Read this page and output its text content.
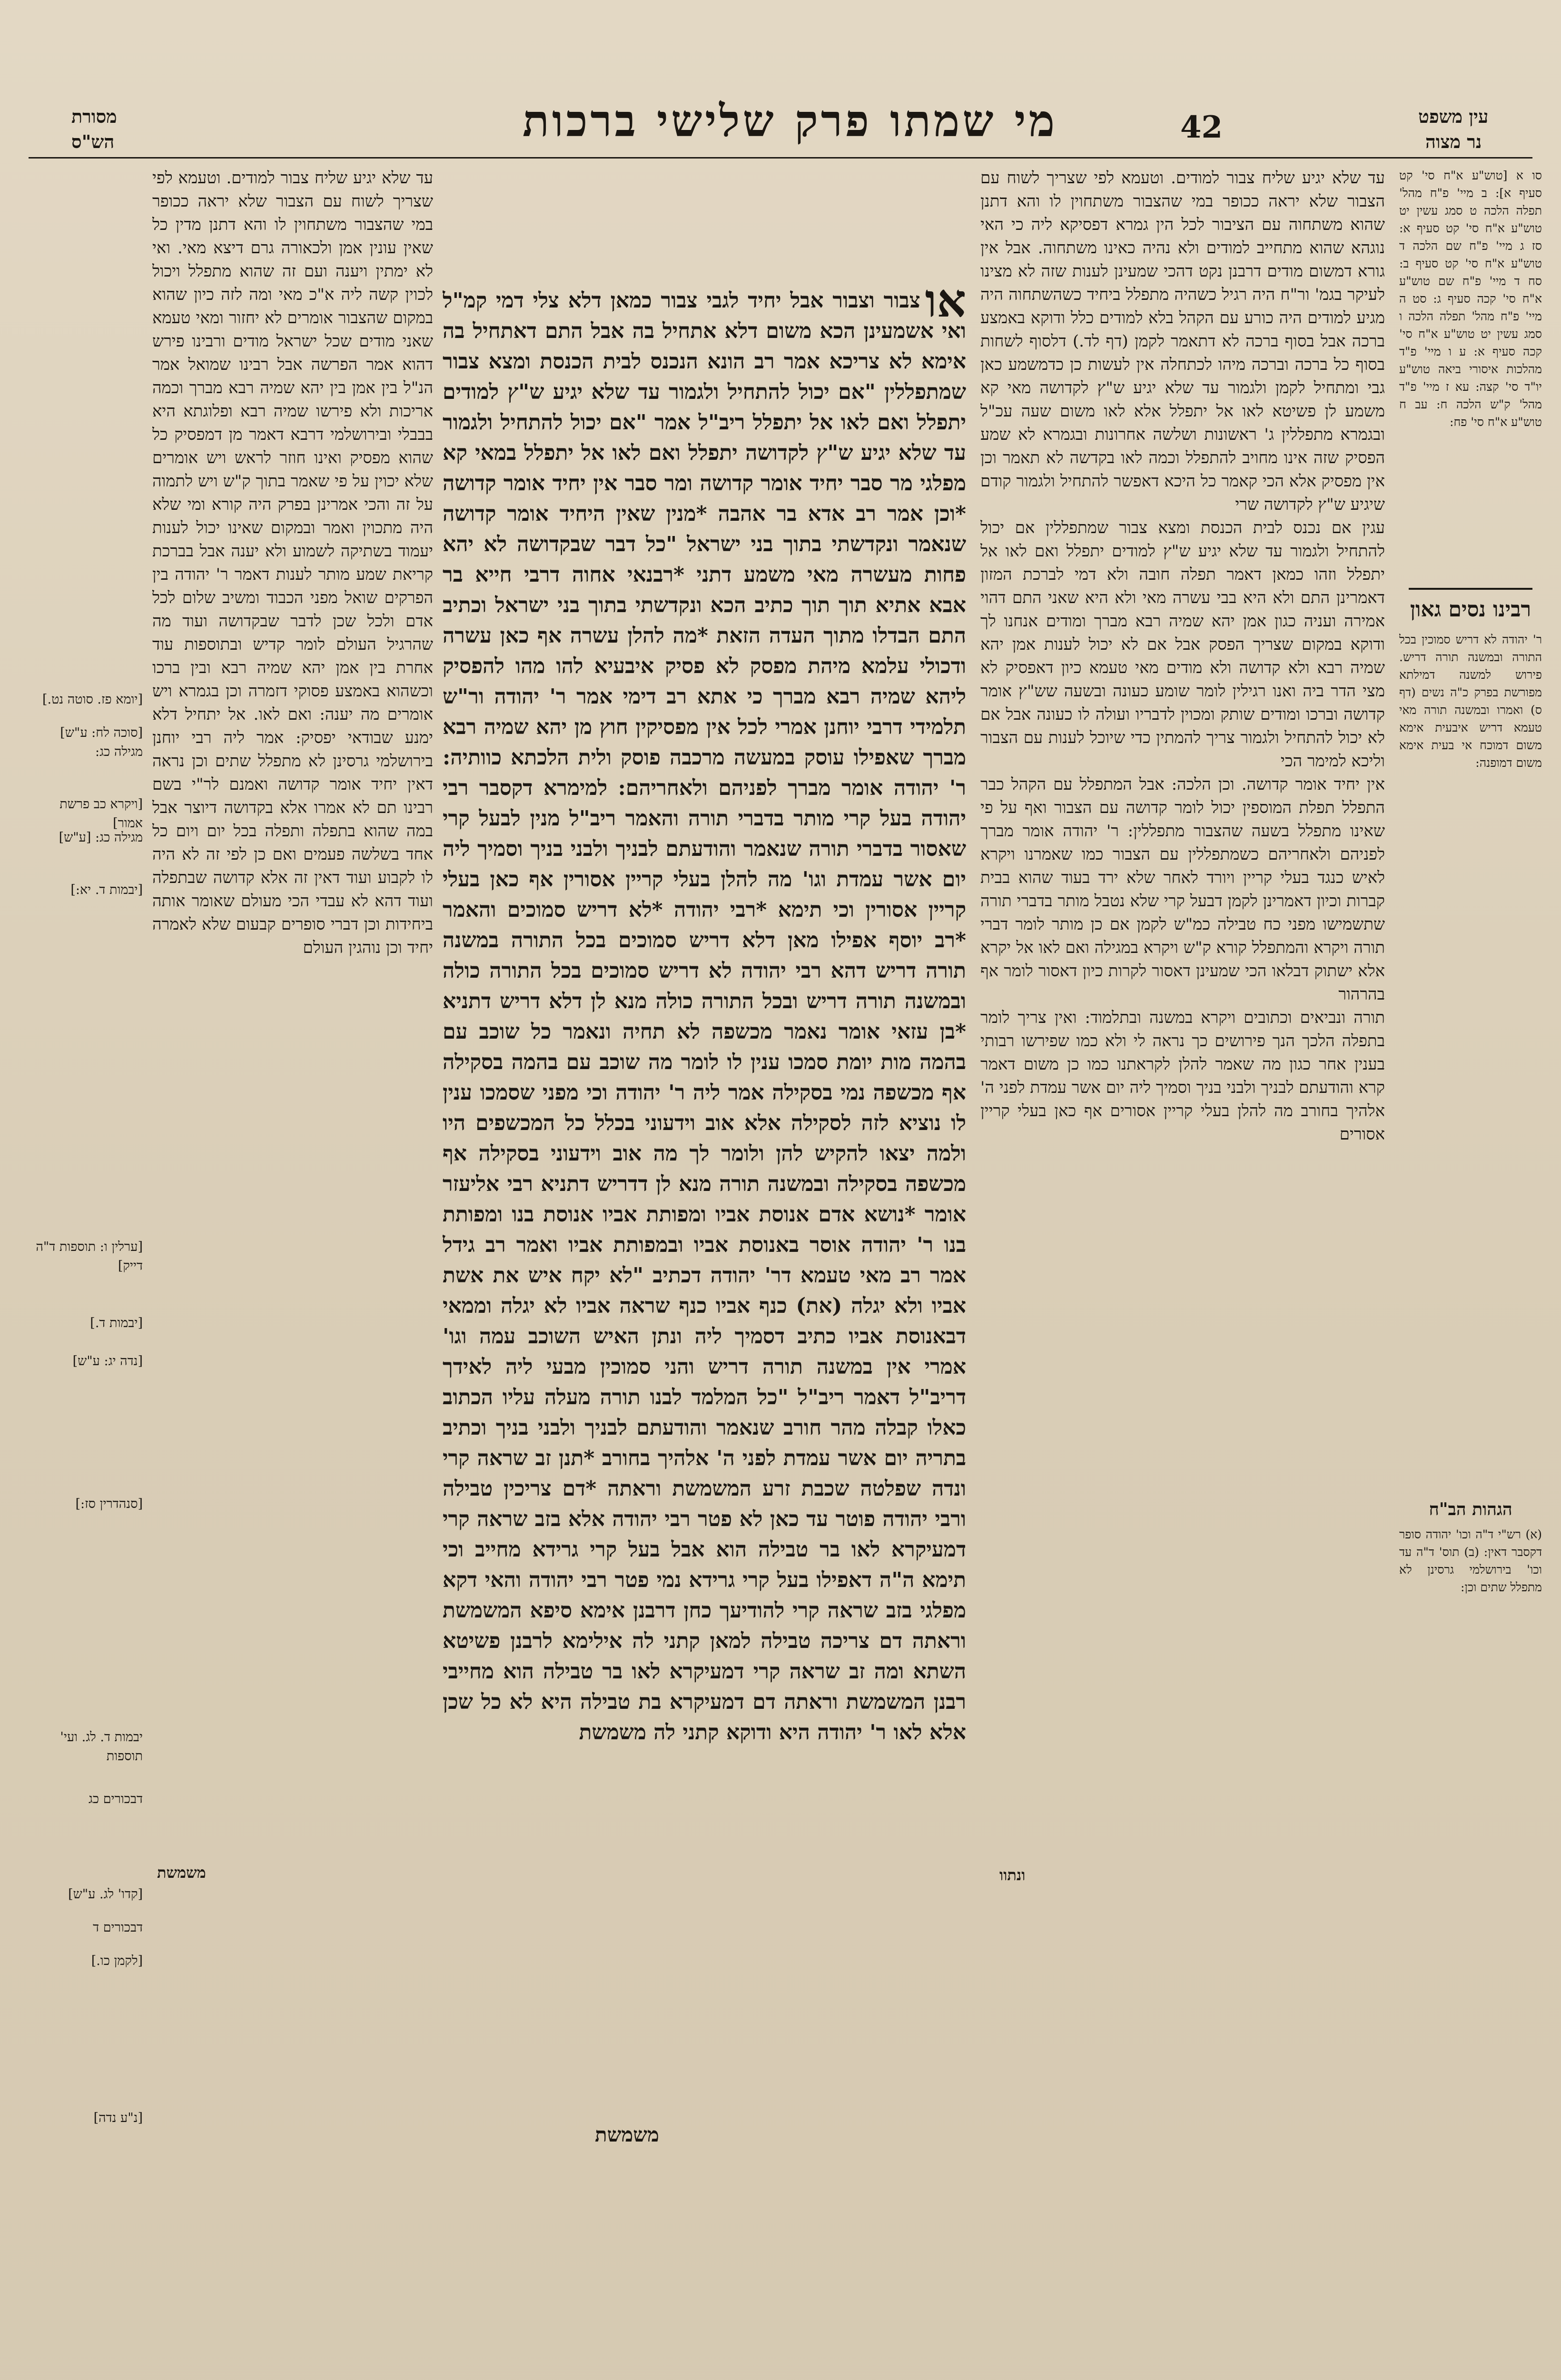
42
מי שמתו פרק שלישי ברכות	עין משפט
נר מצוה
מסורת
הש"ס

סו א [טוש"ע א"ח סי' קט סעיף א]: ב מיי' פ"ח מהל' תפלה הלכה ט סמג עשין יט טוש"ע א"ח סי' קט סעיף א: סז ג מיי' פ"ח שם הלכה ד טוש"ע א"ח סי' קט סעיף ב: סח ד מיי' פ"ח שם טוש"ע א"ח סי' קכה סעיף ג: סט ה מיי' פ"ח מהל' תפלה הלכה ו סמג עשין יט טוש"ע א"ח סי' קכה סעיף א: ע ו מיי' פ"ד מהלכות איסורי ביאה טוש"ע יו"ד סי' קצה: עא ז מיי' פ"ד מהל' ק"ש הלכה ח: עב ח טוש"ע א"ח סי' פח:

רבינו נסים גאון

ר' יהודה לא דריש סמוכין בכל התורה ובמשנה תורה דריש. פירוש למשנה דמילתא מפורשת בפרק כ"ה נשים (דף ס) ואמרו ובמשנה תורה מאי טעמא דריש איבעית אימא משום דמוכח אי בעית אימא משום דמופנה:

הגהות הב"ח

(א) רש"י ד"ה וכו' יהודה סופר דקסבר דאין: (ב) תוס' ד"ה עד וכו' בירושלמי גרסינן לא מתפלל שתים וכן:

עד שלא יגיע שליח צבור למודים. וטעמא לפי שצריך לשוח עם הצבור שלא יראה ככופר במי שהצבור משתחוין לו והא דתנן שהוא משתחוה עם הציבור לכל הין גמרא דפסיקא ליה כי האי נוגהא שהוא מתחייב למודים ולא נהיה כאינו משתחוה. אבל אין גורא דמשום מודים דרבנן נקט דהכי שמעינן לענות שזה לא מצינו לעיקר בגמ' ור"ח היה רגיל כשהיה מתפלל ביחיד כשהשתחוה היה מגיע למודים היה כורע עם הקהל בלא למודים כלל ודוקא באמצע ברכה אבל בסוף ברכה לא דתאמר לקמן (דף לד.) דלסוף לשחות בסוף כל ברכה וברכה מיהו לכתחלה אין לעשות כן כדמשמע כאן גבי ומתחיל לקמן ולגמור עד שלא יגיע ש"ץ לקדושה מאי קא משמע לן פשיטא לאו אל יתפלל אלא לאו משום שעה עכ"ל ובגמרא מתפללין ג' ראשונות ושלשה אחרונות ובגמרא לא שמע הפסיק שזה אינו מחויב להתפלל וכמה לאו בקדשה לא תאמר וכן אין מפסיק אלא הכי קאמר כל היכא דאפשר להתחיל ולגמור קודם שיגיע ש"ץ לקדושה שרי

עגין אם נכנס לבית הכנסת ומצא צבור שמתפללין אם יכול להתחיל ולגמור עד שלא יגיע ש"ץ למודים יתפלל ואם לאו אל יתפלל וזהו כמאן דאמר תפלה חובה ולא דמי לברכת המזון דאמרינן התם ולא היא בבי עשרה מאי ולא היא שאני התם דהוי אמירה ועניה כגון אמן יהא שמיה רבא מברך ומודים אנחנו לך ודוקא במקום שצריך הפסק אבל אם לא יכול לענות אמן יהא שמיה רבא ולא קדושה ולא מודים מאי טעמא כיון דאפסיק לא מצי הדר ביה ואנו רגילין לומר שומע כעונה ובשעה שש"ץ אומר קדושה וברכו ומודים שותק ומכוין לדבריו ועולה לו כעונה אבל אם לא יכול להתחיל ולגמור צריך להמתין כדי שיוכל לענות עם הצבור וליכא למימר הכי

אין יחיד אומר קדושה. וכן הלכה: אבל המתפלל עם הקהל כבר התפלל תפלת המוספין יכול לומר קדושה עם הצבור ואף על פי שאינו מתפלל בשעה שהצבור מתפללין: ר' יהודה אומר מברך לפניהם ולאחריהם כשמתפללין עם הצבור כמו שאמרנו ויקרא לאיש כנגד בעלי קריין ויורד לאחר שלא ירד בעוד שהוא בבית קברות וכיון דאמרינן לקמן דבעל קרי שלא נטבל מותר בדברי תורה שתשמישו מפני כח טבילה כמ"ש לקמן אם כן מותר לומר דברי תורה ויקרא והמתפלל קורא ק"ש ויקרא במגילה ואם לאו אל יקרא אלא ישתוק דבלאו הכי שמעינן דאסור לקרות כיון דאסור לומר אף בהרהור

תורה ונביאים וכתובים ויקרא במשנה ובתלמוד: ואין צריך לומר בתפלה הלכך הנך פירושים כך נראה לי ולא כמו שפירשו רבותי בענין אחר כגון מה שאמר להלן לקראתנו כמו כן משום דאמר קרא והודעתם לבניך ולבני בניך וסמיך ליה יום אשר עמדת לפני ה' אלהיך בחורב מה להלן בעלי קריין אסורים אף כאן בעלי קריין אסורים

או
צבור וצבור אבל יחיד לגבי צבור כמאן דלא צלי דמי קמ"ל ואי אשמעינן הכא משום דלא אתחיל בה אבל התם דאתחיל בה אימא לא צריכא אמר רב הונא הנכנס לבית הכנסת ומצא צבור שמתפללין "אם יכול להתחיל ולגמור עד שלא יגיע ש"ץ למודים יתפלל ואם לאו אל יתפלל ריב"ל אמר "אם יכול להתחיל ולגמור עד שלא יגיע ש"ץ לקדושה יתפלל ואם לאו אל יתפלל במאי קא מפלגי מר סבר יחיד אומר קדושה ומר סבר אין יחיד אומר קדושה *וכן אמר רב אדא בר אהבה *מנין שאין היחיד אומר קדושה שנאמר ונקדשתי בתוך בני ישראל "כל דבר שבקדושה לא יהא פחות מעשרה מאי משמע דתני *רבנאי אחוה דרבי חייא בר אבא אתיא תוך תוך כתיב הכא ונקדשתי בתוך בני ישראל וכתיב התם הבדלו מתוך העדה הזאת *מה להלן עשרה אף כאן עשרה ודכולי עלמא מיהת מפסק לא פסיק איבעיא להו מהו להפסיק ליהא שמיה רבא מברך כי אתא רב דימי אמר ר' יהודה ור"ש תלמידי דרבי יוחנן אמרי לכל אין מפסיקין חוץ מן יהא שמיה רבא מברך שאפילו עוסק במעשה מרכבה פוסק ולית הלכתא כוותיה: ר' יהודה אומר מברך לפניהם ולאחריהם: למימרא דקסבר רבי יהודה בעל קרי מותר בדברי תורה והאמר ריב"ל מנין לבעל קרי שאסור בדברי תורה שנאמר והודעתם לבניך ולבני בניך וסמיך ליה יום אשר עמדת וגו' מה להלן בעלי קריין אסורין אף כאן בעלי קריין אסורין וכי תימא *רבי יהודה *לא דריש סמוכים והאמר *רב יוסף אפילו מאן דלא דריש סמוכים בכל התורה במשנה תורה דריש דהא רבי יהודה לא דריש סמוכים בכל התורה כולה ובמשנה תורה דריש ובכל התורה כולה מנא לן דלא דריש דתניא *בן עזאי אומר נאמר מכשפה לא תחיה ונאמר כל שוכב עם בהמה מות יומת סמכו ענין לו לומר מה שוכב עם בהמה בסקילה אף מכשפה נמי בסקילה אמר ליה ר' יהודה וכי מפני שסמכו ענין לו נוציא לזה לסקילה אלא אוב וידעוני בכלל כל המכשפים היו ולמה יצאו להקיש להן ולומר לך מה אוב וידעוני בסקילה אף מכשפה בסקילה ובמשנה תורה מנא לן דדריש דתניא רבי אליעזר אומר *נושא אדם אנוסת אביו ומפותת אביו אנוסת בנו ומפותת בנו ר' יהודה אוסר באנוסת אביו ובמפותת אביו ואמר רב גידל אמר רב מאי טעמא דר' יהודה דכתיב "לא יקח איש את אשת אביו ולא יגלה (את) כנף אביו כנף שראה אביו לא יגלה וממאי דבאנוסת אביו כתיב דסמיך ליה ונתן האיש השוכב עמה וגו' אמרי אין במשנה תורה דריש והני סמוכין מבעי ליה לאידך דריב"ל דאמר ריב"ל "כל המלמד לבנו תורה מעלה עליו הכתוב כאלו קבלה מהר חורב שנאמר והודעתם לבניך ולבני בניך וכתיב בתריה יום אשר עמדת לפני ה' אלהיך בחורב *תנן זב שראה קרי ונדה שפלטה שכבת זרע המשמשת וראתה *דם צריכין טבילה ורבי יהודה פוטר עד כאן לא פטר רבי יהודה אלא בזב שראה קרי דמעיקרא לאו בר טבילה הוא אבל בעל קרי גרידא מחייב וכי תימא ה"ה דאפילו בעל קרי גרידא נמי פטר רבי יהודה והאי דקא מפלגי בזב שראה קרי להודיעך כחן דרבנן אימא סיפא המשמשת וראתה דם צריכה טבילה למאן קתני לה אילימא לרבנן פשיטא השתא ומה זב שראה קרי דמעיקרא לאו בר טבילה הוא מחייבי רבנן המשמשת וראתה דם דמעיקרא בת טבילה היא לא כל שכן אלא לאו ר' יהודה היא ודוקא קתני לה משמשת

עד שלא יגיע שליח צבור למודים. וטעמא לפי שצריך לשוח עם הצבור שלא יראה ככופר במי שהצבור משתחוין לו והא דתנן מדין כל שאין עונין אמן ולכאורה גרם דיצא מאי. ואי לא ימתין ויענה ועם זה שהוא מתפלל ויכול לכוין קשה ליה א"כ מאי ומה לזה כיון שהוא במקום שהצבור אומרים לא יחזור ומאי טעמא שאני מודים שכל ישראל מודים ורבינו פירש דהוא אמר הפרשה אבל רבינו שמואל אמר הנ"ל בין אמן בין יהא שמיה רבא מברך וכמה אריכות ולא פירשו שמיה רבא ופלוגתא היא בבבלי ובירושלמי דרבא דאמר מן דמפסיק כל שהוא מפסיק ואינו חוזר לראש ויש אומרים שלא יכוין על פי שאמר בתוך ק"ש ויש לתמוה על זה והכי אמרינן בפרק היה קורא ומי שלא היה מתכוין ואמר ובמקום שאינו יכול לענות יעמוד בשתיקה לשמוע ולא יענה אבל בברכת קריאת שמע מותר לענות דאמר ר' יהודה בין הפרקים שואל מפני הכבוד ומשיב שלום לכל אדם ולכל שכן לדבר שבקדושה ועוד מה שהרגיל העולם לומר קדיש ובתוספות עוד אחרת בין אמן יהא שמיה רבא ובין ברכו וכשהוא באמצע פסוקי דזמרה וכן בגמרא ויש אומרים מה יענה: ואם לאו. אל יתחיל דלא ימנע שבודאי יפסיק: אמר ליה רבי יוחנן בירושלמי גרסינן לא מתפלל שתים וכן נראה דאין יחיד אומר קדושה ואמנם לר"י בשם רבינו תם לא אמרו אלא בקדושה דיוצר אבל במה שהוא בתפלה ותפלה בכל יום ויום כל אחד בשלשה פעמים ואם כן לפי זה לא היה לו לקבוע ועוד דאין זה אלא קדושה שבתפלה ועוד דהא לא עבדי הכי מעולם שאומר אותה ביחידות וכן דברי סופרים קבעום שלא לאמרה יחיד וכן נוהגין העולם

[יומא פז. סוטה נט.]
[סוכה לח: ע"ש] מגילה כג:
[ויקרא כב פרשת אמור]
מגילה כג: [ע"ש]
[יבמות ד. יא:]
[ערלין ו: תוספות ד"ה דייק]
[יבמות ד.]
[נדה יג: ע"ש]
[סנהדרין סז:]
יבמות ד. לג. ועי' תוספות
דבכורים כג
[קדו' לג. ע"ש]
דבכורים ד
[לקמן כו.]
[נ"ע נדה]
משמשת
משמשת	ונתוו
